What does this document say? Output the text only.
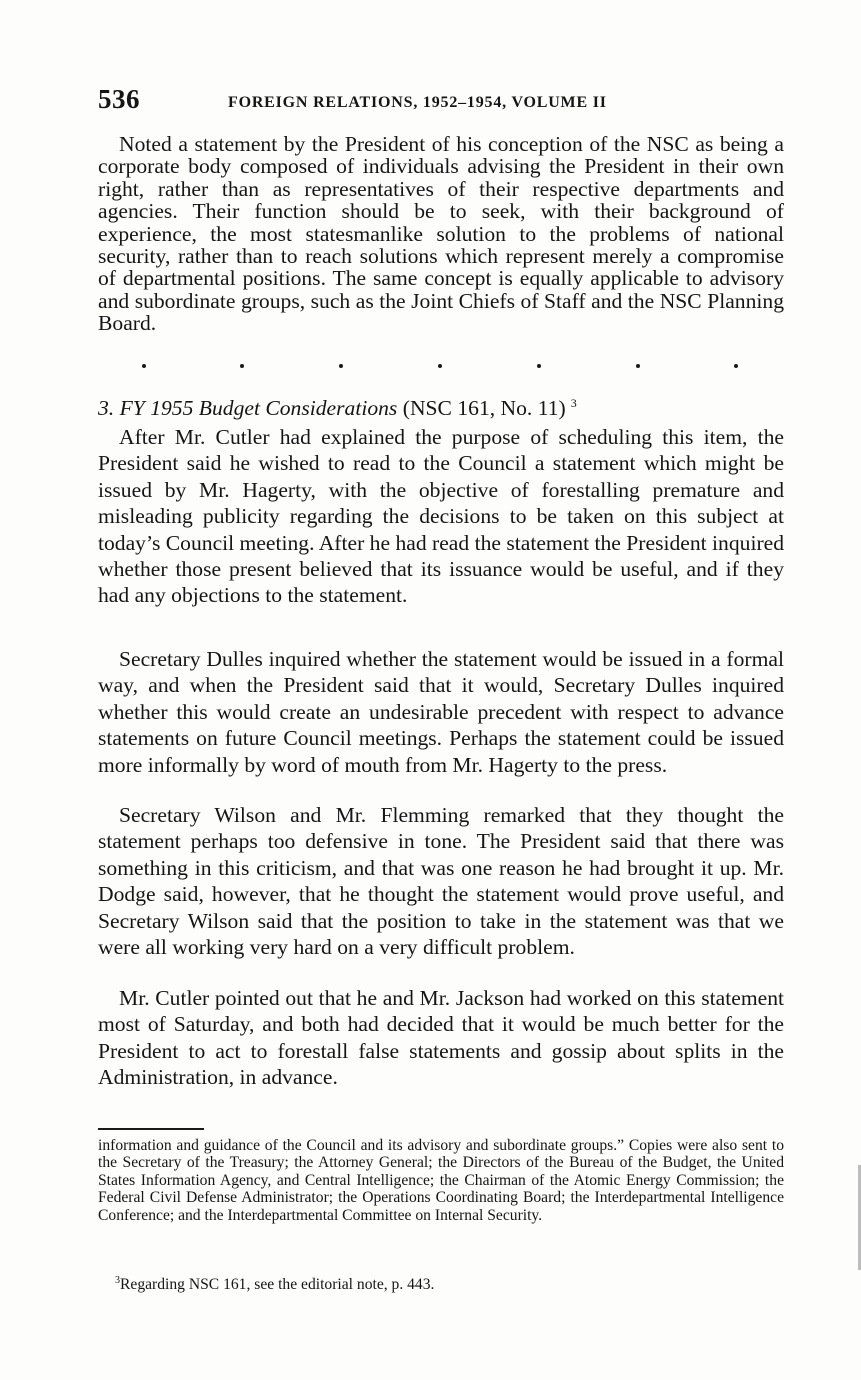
536	FOREIGN RELATIONS, 1952–1954, VOLUME II

Noted a statement by the President of his conception of the NSC as being a corporate body composed of individuals advising the President in their own right, rather than as representatives of their respective departments and agencies. Their function should be to seek, with their background of experience, the most statesmanlike solution to the problems of national security, rather than to reach solutions which represent merely a compromise of departmental positions. The same concept is equally applicable to advisory and subordinate groups, such as the Joint Chiefs of Staff and the NSC Planning Board.

3. FY 1955 Budget Considerations (NSC 161, No. 11) $^3$

After Mr. Cutler had explained the purpose of scheduling this item, the President said he wished to read to the Council a statement which might be issued by Mr. Hagerty, with the objective of forestalling premature and misleading publicity regarding the decisions to be taken on this subject at today’s Council meeting. After he had read the statement the President inquired whether those present believed that its issuance would be useful, and if they had any objections to the statement.

Secretary Dulles inquired whether the statement would be issued in a formal way, and when the President said that it would, Secretary Dulles inquired whether this would create an undesirable precedent with respect to advance statements on future Council meetings. Perhaps the statement could be issued more informally by word of mouth from Mr. Hagerty to the press.

Secretary Wilson and Mr. Flemming remarked that they thought the statement perhaps too defensive in tone. The President said that there was something in this criticism, and that was one reason he had brought it up. Mr. Dodge said, however, that he thought the statement would prove useful, and Secretary Wilson said that the position to take in the statement was that we were all working very hard on a very difficult problem.

Mr. Cutler pointed out that he and Mr. Jackson had worked on this statement most of Saturday, and both had decided that it would be much better for the President to act to forestall false statements and gossip about splits in the Administration, in advance.

information and guidance of the Council and its advisory and subordinate groups.” Copies were also sent to the Secretary of the Treasury; the Attorney General; the Directors of the Bureau of the Budget, the United States Information Agency, and Central Intelligence; the Chairman of the Atomic Energy Commission; the Federal Civil Defense Administrator; the Operations Coordinating Board; the Interdepartmental Intelligence Conference; and the Interdepartmental Committee on Internal Security.

$^3$Regarding NSC 161, see the editorial note, p. 443.
